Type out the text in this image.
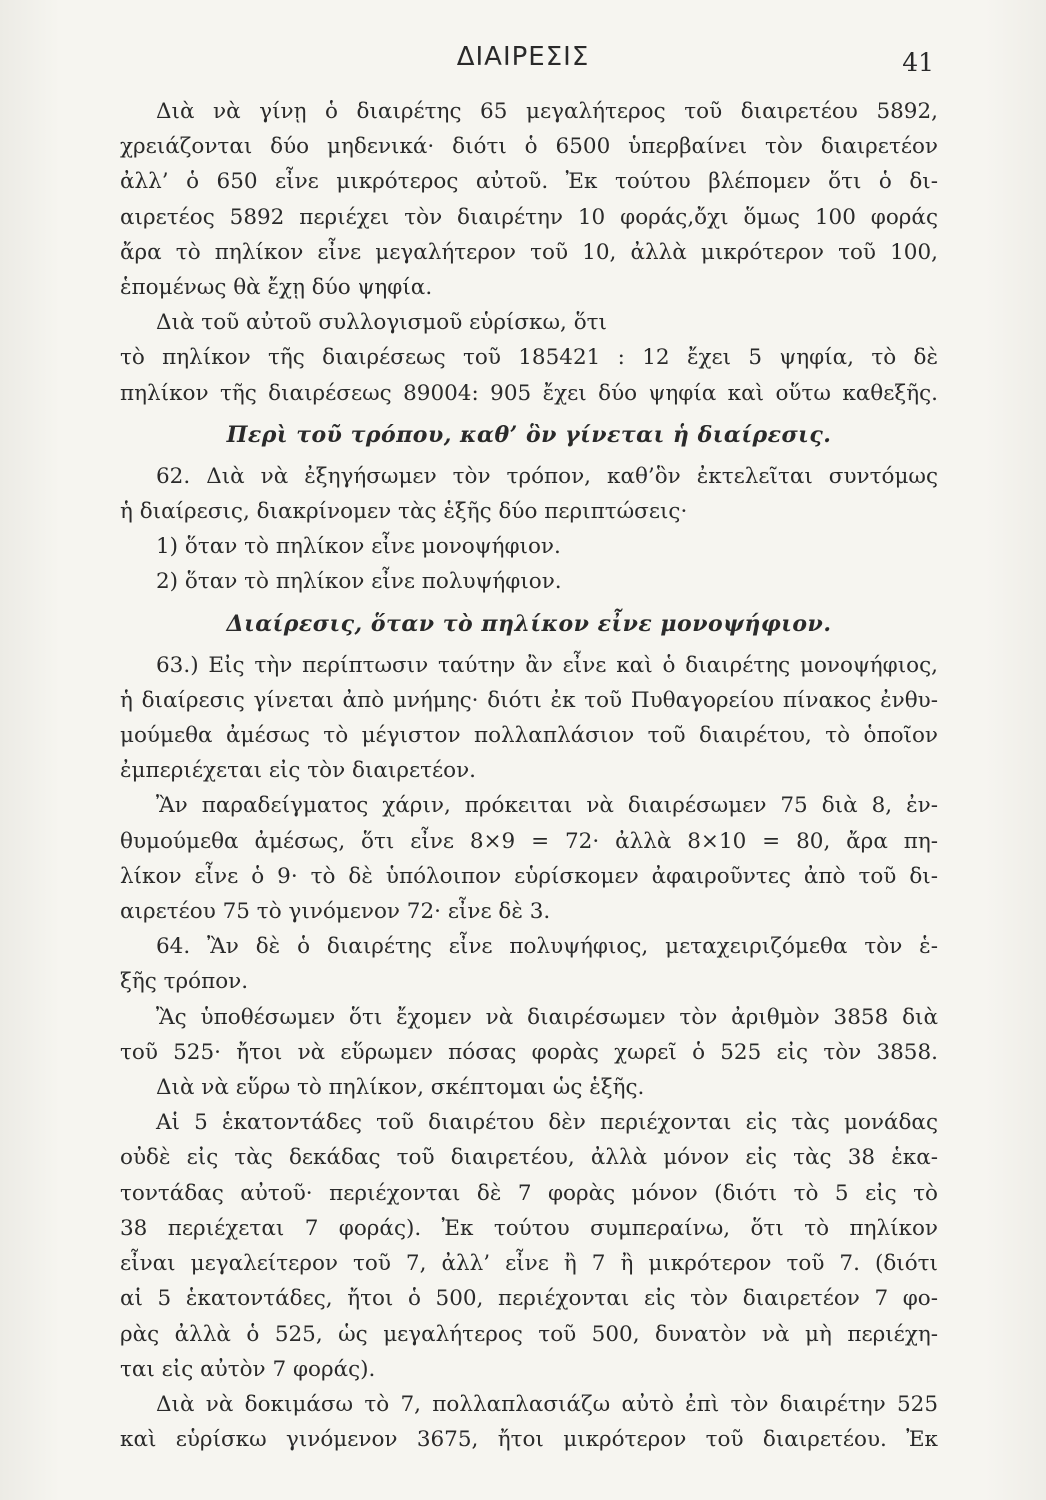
ΔΙΑΙΡΕΣΙΣ	41
Διὰ νὰ γίνῃ ὁ διαιρέτης 65 μεγαλήτερος τοῦ διαιρετέου 5892,
χρειάζονται δύο μηδενικά· διότι ὁ 6500 ὑπερβαίνει τὸν διαιρετέον
ἀλλ’ ὁ 650 εἶνε μικρότερος αὐτοῦ. Ἐκ τούτου βλέπομεν ὅτι ὁ δι-
αιρετέος 5892 περιέχει τὸν διαιρέτην 10 φοράς,ὄχι ὅμως 100 φοράς
ἄρα τὸ πηλίκον εἶνε μεγαλήτερον τοῦ 10, ἀλλὰ μικρότερον τοῦ 100,
ἑπομένως θὰ ἔχῃ δύο ψηφία.
Διὰ τοῦ αὐτοῦ συλλογισμοῦ εὑρίσκω, ὅτι
τὸ πηλίκον τῆς διαιρέσεως τοῦ 185421 : 12 ἔχει 5 ψηφία, τὸ δὲ
πηλίκον τῆς διαιρέσεως 89004: 905 ἔχει δύο ψηφία καὶ οὕτω καθεξῆς.
Περὶ τοῦ τρόπου, καθ’ ὃν γίνεται ἡ διαίρεσις.
62. Διὰ νὰ ἐξηγήσωμεν τὸν τρόπον, καθ’ὃν ἐκτελεῖται συντόμως
ἡ διαίρεσις, διακρίνομεν τὰς ἑξῆς δύο περιπτώσεις·
1) ὅταν τὸ πηλίκον εἶνε μονοψήφιον.
2) ὅταν τὸ πηλίκον εἶνε πολυψήφιον.
Διαίρεσις, ὅταν τὸ πηλίκον εἶνε μονοψήφιον.
63.) Εἰς τὴν περίπτωσιν ταύτην ἂν εἶνε καὶ ὁ διαιρέτης μονοψήφιος,
ἡ διαίρεσις γίνεται ἀπὸ μνήμης· διότι ἐκ τοῦ Πυθαγορείου πίνακος ἐνθυ-
μούμεθα ἀμέσως τὸ μέγιστον πολλαπλάσιον τοῦ διαιρέτου, τὸ ὁποῖον
ἐμπεριέχεται εἰς τὸν διαιρετέον.
Ἂν παραδείγματος χάριν, πρόκειται νὰ διαιρέσωμεν 75 διὰ 8, ἐν-
θυμούμεθα ἀμέσως, ὅτι εἶνε 8×9 = 72· ἀλλὰ 8×10 = 80, ἄρα πη-
λίκον εἶνε ὁ 9· τὸ δὲ ὑπόλοιπον εὑρίσκομεν ἀφαιροῦντες ἀπὸ τοῦ δι-
αιρετέου 75 τὸ γινόμενον 72· εἶνε δὲ 3.
64. Ἂν δὲ ὁ διαιρέτης εἶνε πολυψήφιος, μεταχειριζόμεθα τὸν ἑ-
ξῆς τρόπον.
Ἂς ὑποθέσωμεν ὅτι ἔχομεν νὰ διαιρέσωμεν τὸν ἀριθμὸν 3858 διὰ
τοῦ 525· ἤτοι νὰ εὕρωμεν πόσας φορὰς χωρεῖ ὁ 525 εἰς τὸν 3858.
Διὰ νὰ εὕρω τὸ πηλίκον, σκέπτομαι ὡς ἑξῆς.
Αἱ 5 ἑκατοντάδες τοῦ διαιρέτου δὲν περιέχονται εἰς τὰς μονάδας
οὐδὲ εἰς τὰς δεκάδας τοῦ διαιρετέου, ἀλλὰ μόνον εἰς τὰς 38 ἑκα-
τοντάδας αὐτοῦ· περιέχονται δὲ 7 φορὰς μόνον (διότι τὸ 5 εἰς τὸ
38 περιέχεται 7 φοράς). Ἐκ τούτου συμπεραίνω, ὅτι τὸ πηλίκον
εἶναι μεγαλείτερον τοῦ 7, ἀλλ’ εἶνε ἢ 7 ἢ μικρότερον τοῦ 7. (διότι
αἱ 5 ἑκατοντάδες, ἤτοι ὁ 500, περιέχονται εἰς τὸν διαιρετέον 7 φο-
ρὰς ἀλλὰ ὁ 525, ὡς μεγαλήτερος τοῦ 500, δυνατὸν νὰ μὴ περιέχη-
ται εἰς αὐτὸν 7 φοράς).
Διὰ νὰ δοκιμάσω τὸ 7, πολλαπλασιάζω αὐτὸ ἐπὶ τὸν διαιρέτην 525
καὶ εὑρίσκω γινόμενον 3675, ἤτοι μικρότερον τοῦ διαιρετέου. Ἐκ
